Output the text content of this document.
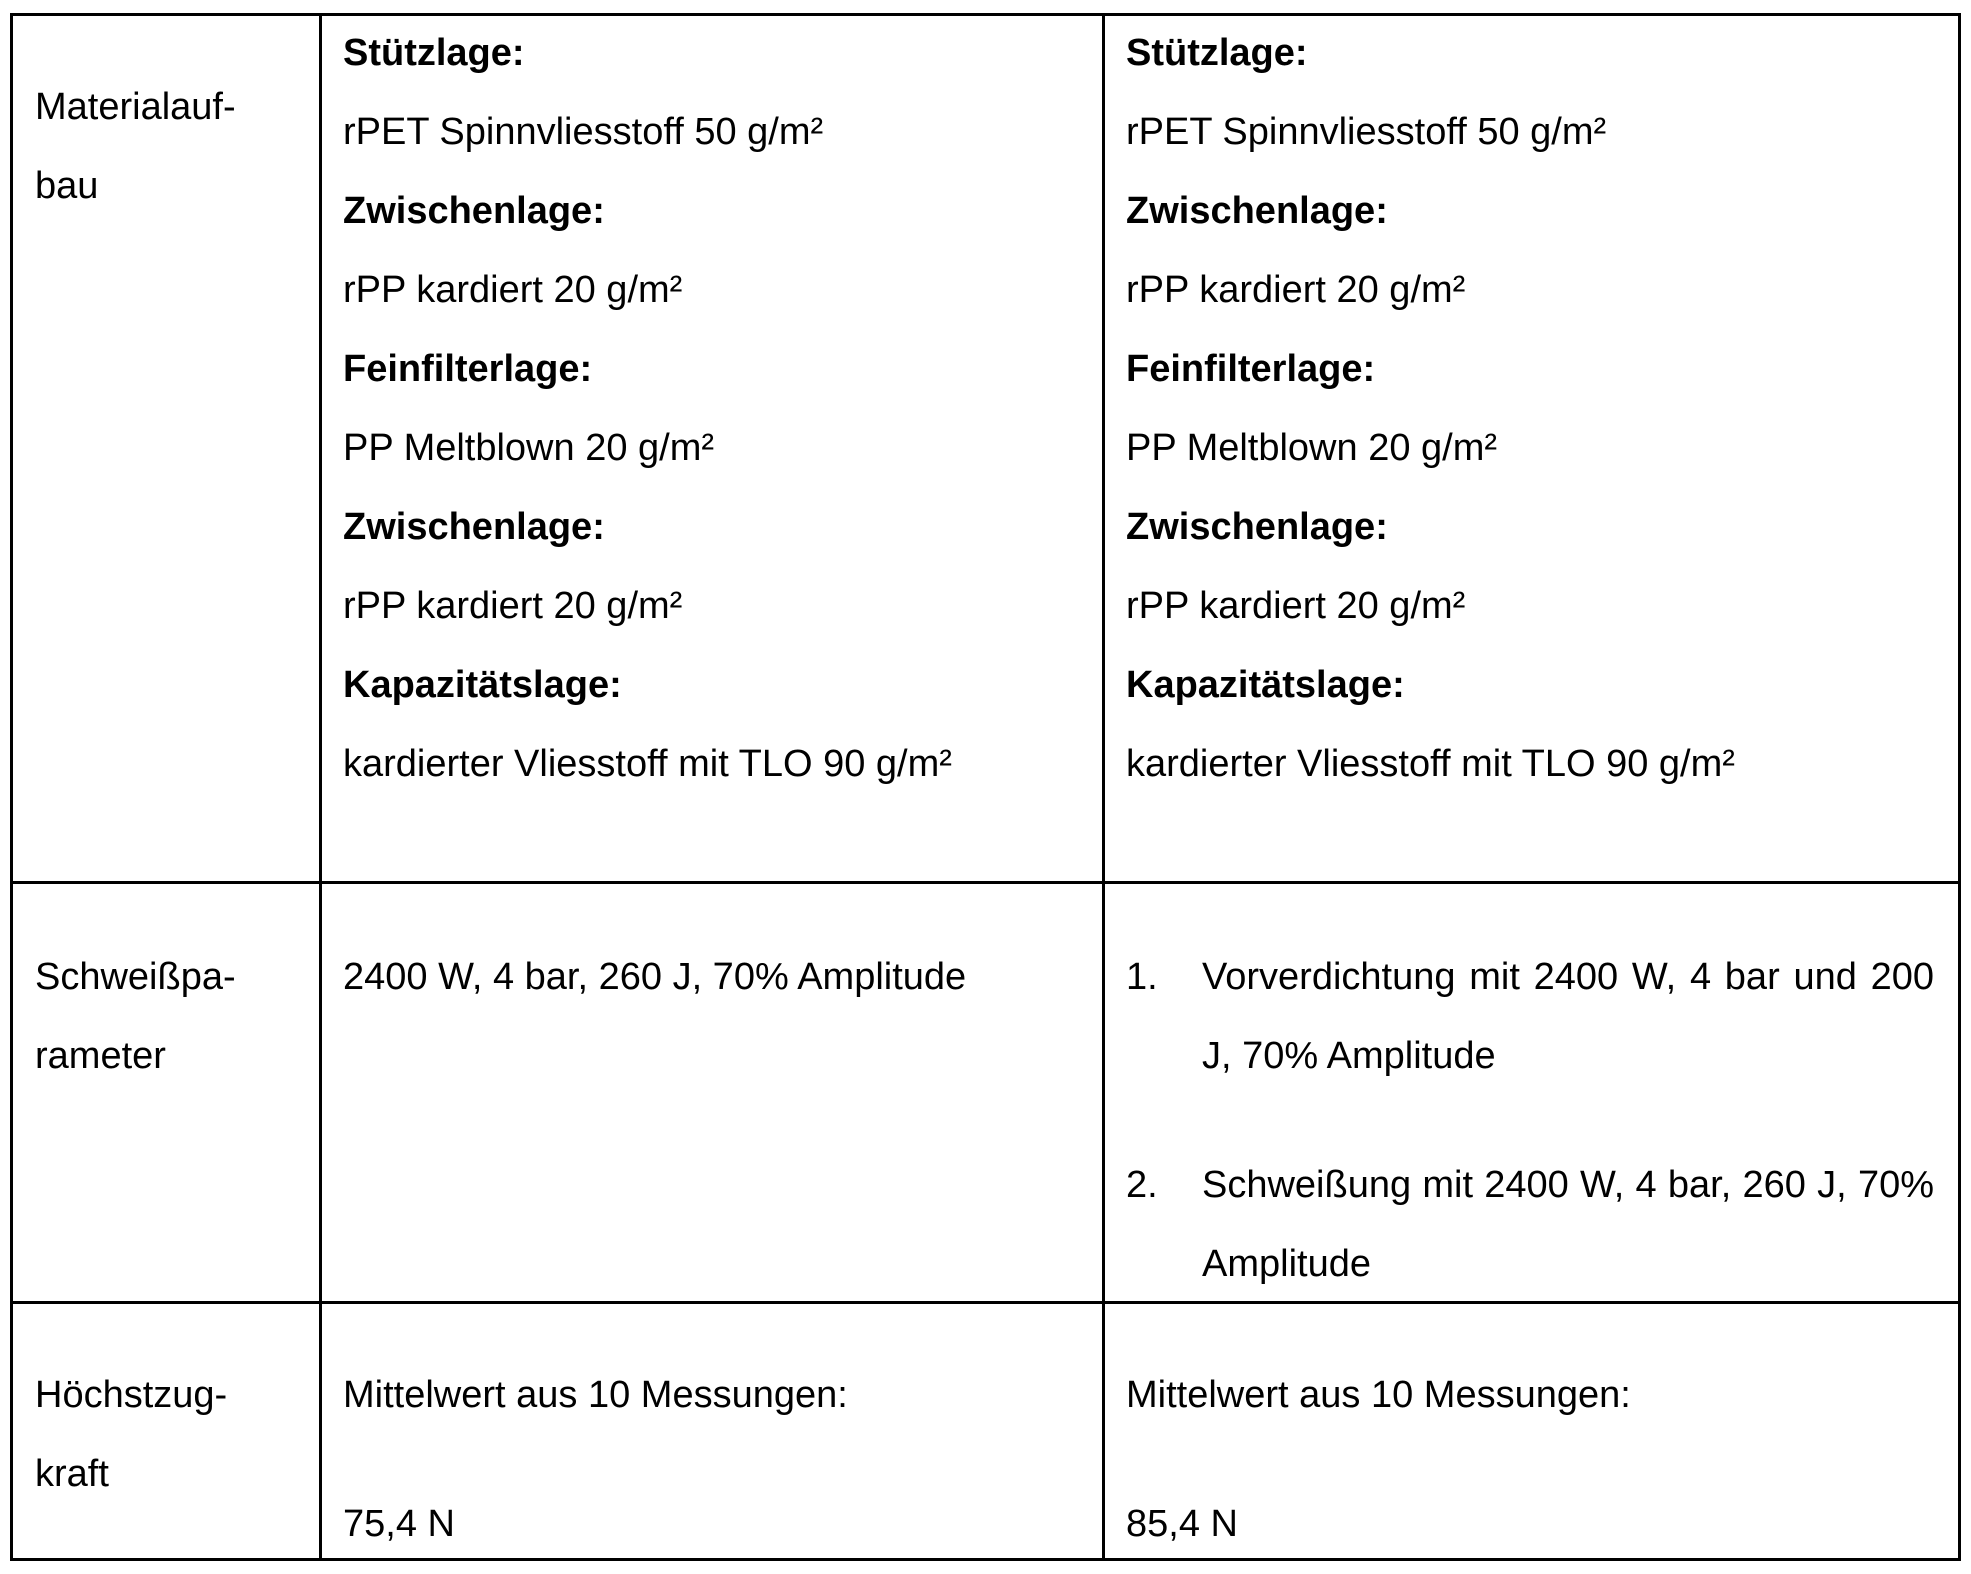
Materialauf-
bau
Stützlage:
rPET Spinnvliesstoff 50 g/m²
Zwischenlage:
rPP kardiert 20 g/m²
Feinfilterlage:
PP Meltblown 20 g/m²
Zwischenlage:
rPP kardiert 20 g/m²
Kapazitätslage:
kardierter Vliesstoff mit TLO 90 g/m²
Stützlage:
rPET Spinnvliesstoff 50 g/m²
Zwischenlage:
rPP kardiert 20 g/m²
Feinfilterlage:
PP Meltblown 20 g/m²
Zwischenlage:
rPP kardiert 20 g/m²
Kapazitätslage:
kardierter Vliesstoff mit TLO 90 g/m²
Schweißpa-
rameter
2400 W, 4 bar, 260 J, 70% Amplitude	1. Vorverdichtung mit 2400 W, 4 bar und 200 J, 70% Amplitude
2. Schweißung mit 2400 W, 4 bar, 260 J, 70% Amplitude
Höchstzug-
kraft
Mittelwert aus 10 Messungen:
75,4 N
Mittelwert aus 10 Messungen:
85,4 N
